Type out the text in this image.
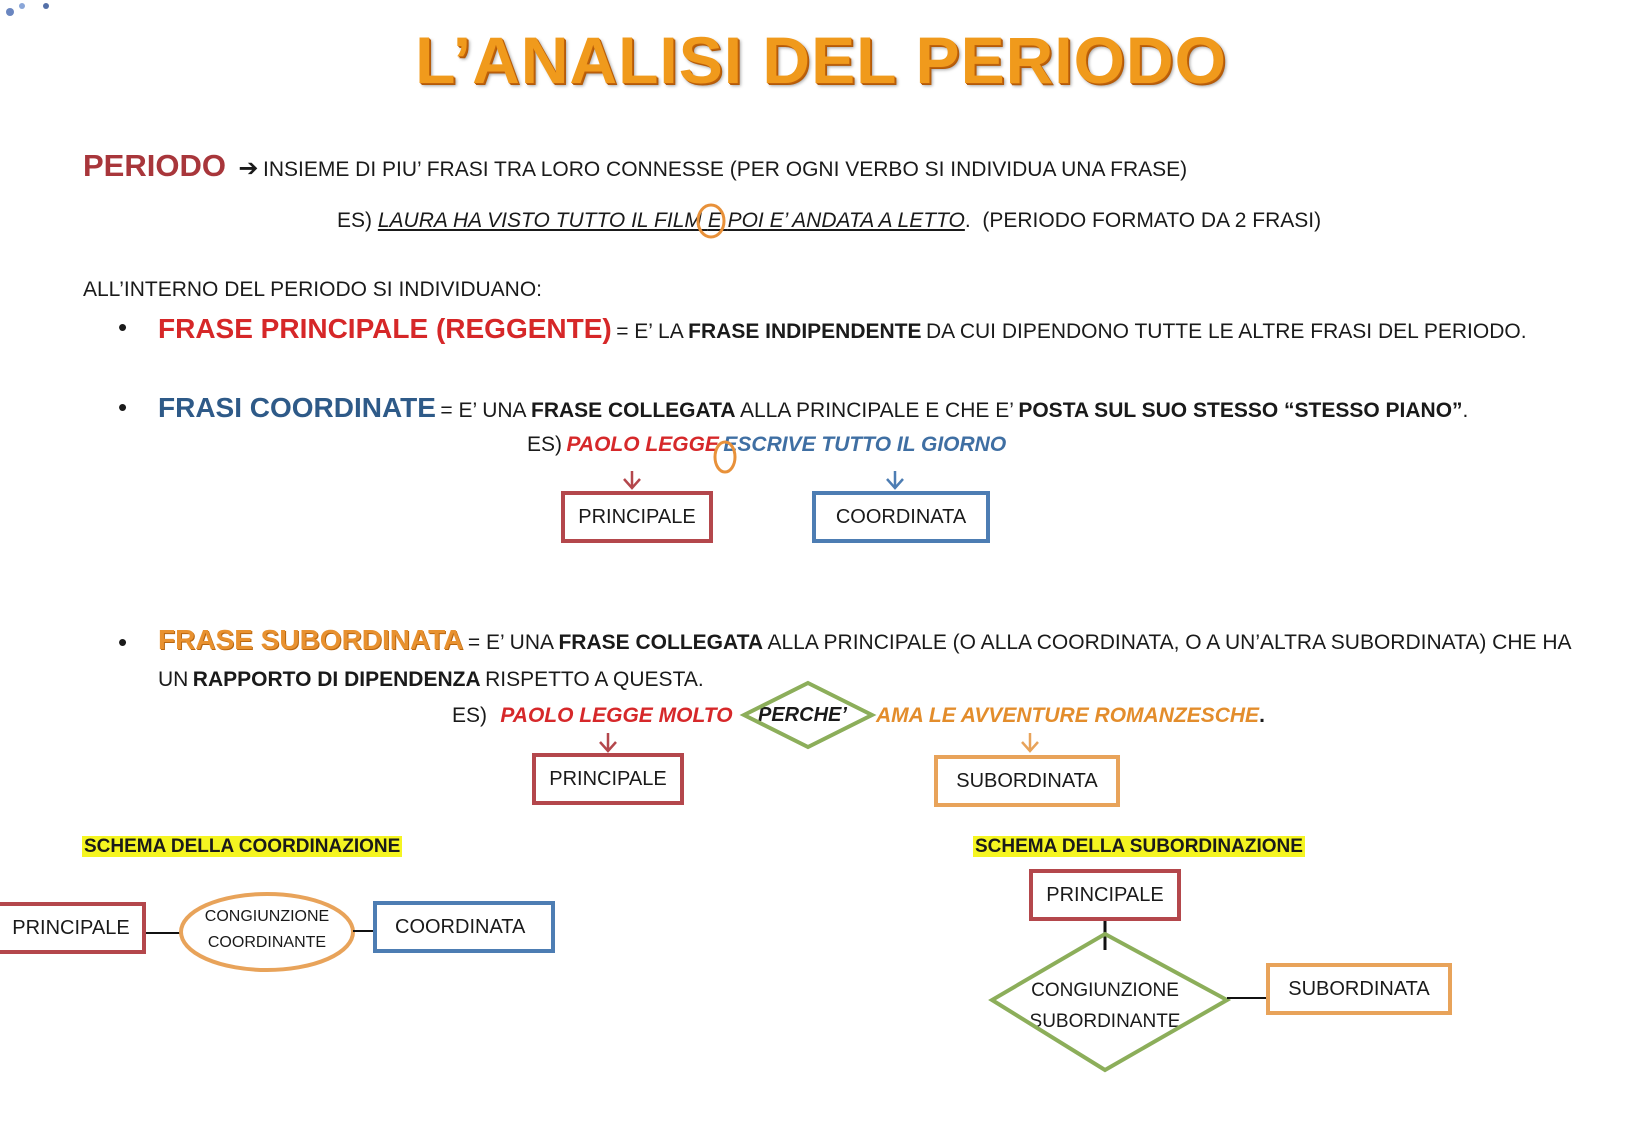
L’ANALISI DEL PERIODO
PERIODO ➔ INSIEME DI PIU’ FRASI TRA LORO CONNESSE (PER OGNI VERBO SI INDIVIDUA UNA FRASE)
ES) LAURA HA VISTO TUTTO IL FILM E POI E’ ANDATA A LETTO. (PERIODO FORMATO DA 2 FRASI)
ALL’INTERNO DEL PERIODO SI INDIVIDUANO:
• FRASE PRINCIPALE (REGGENTE) = E’ LA FRASE INDIPENDENTE DA CUI DIPENDONO TUTTE LE ALTRE FRASI DEL PERIODO.
• FRASI COORDINATE = E’ UNA FRASE COLLEGATA ALLA PRINCIPALE E CHE E’ POSTA SUL SUO STESSO “STESSO PIANO”.
ES) PAOLO LEGGE ESCRIVE TUTTO IL GIORNO
PRINCIPALE	COORDINATA
• FRASE SUBORDINATA = E’ UNA FRASE COLLEGATA ALLA PRINCIPALE (O ALLA COORDINATA, O A UN’ALTRA SUBORDINATA) CHE HA
UN RAPPORTO DI DIPENDENZA RISPETTO A QUESTA.
ES) PAOLO LEGGE MOLTO PERCHE’ AMA LE AVVENTURE ROMANZESCHE.
PRINCIPALE	SUBORDINATA
SCHEMA DELLA COORDINAZIONE
PRINCIPALE	CONGIUNZIONE
COORDINANTE
COORDINATA
SCHEMA DELLA SUBORDINAZIONE
PRINCIPALE
CONGIUNZIONE
SUBORDINANTE
SUBORDINATA
